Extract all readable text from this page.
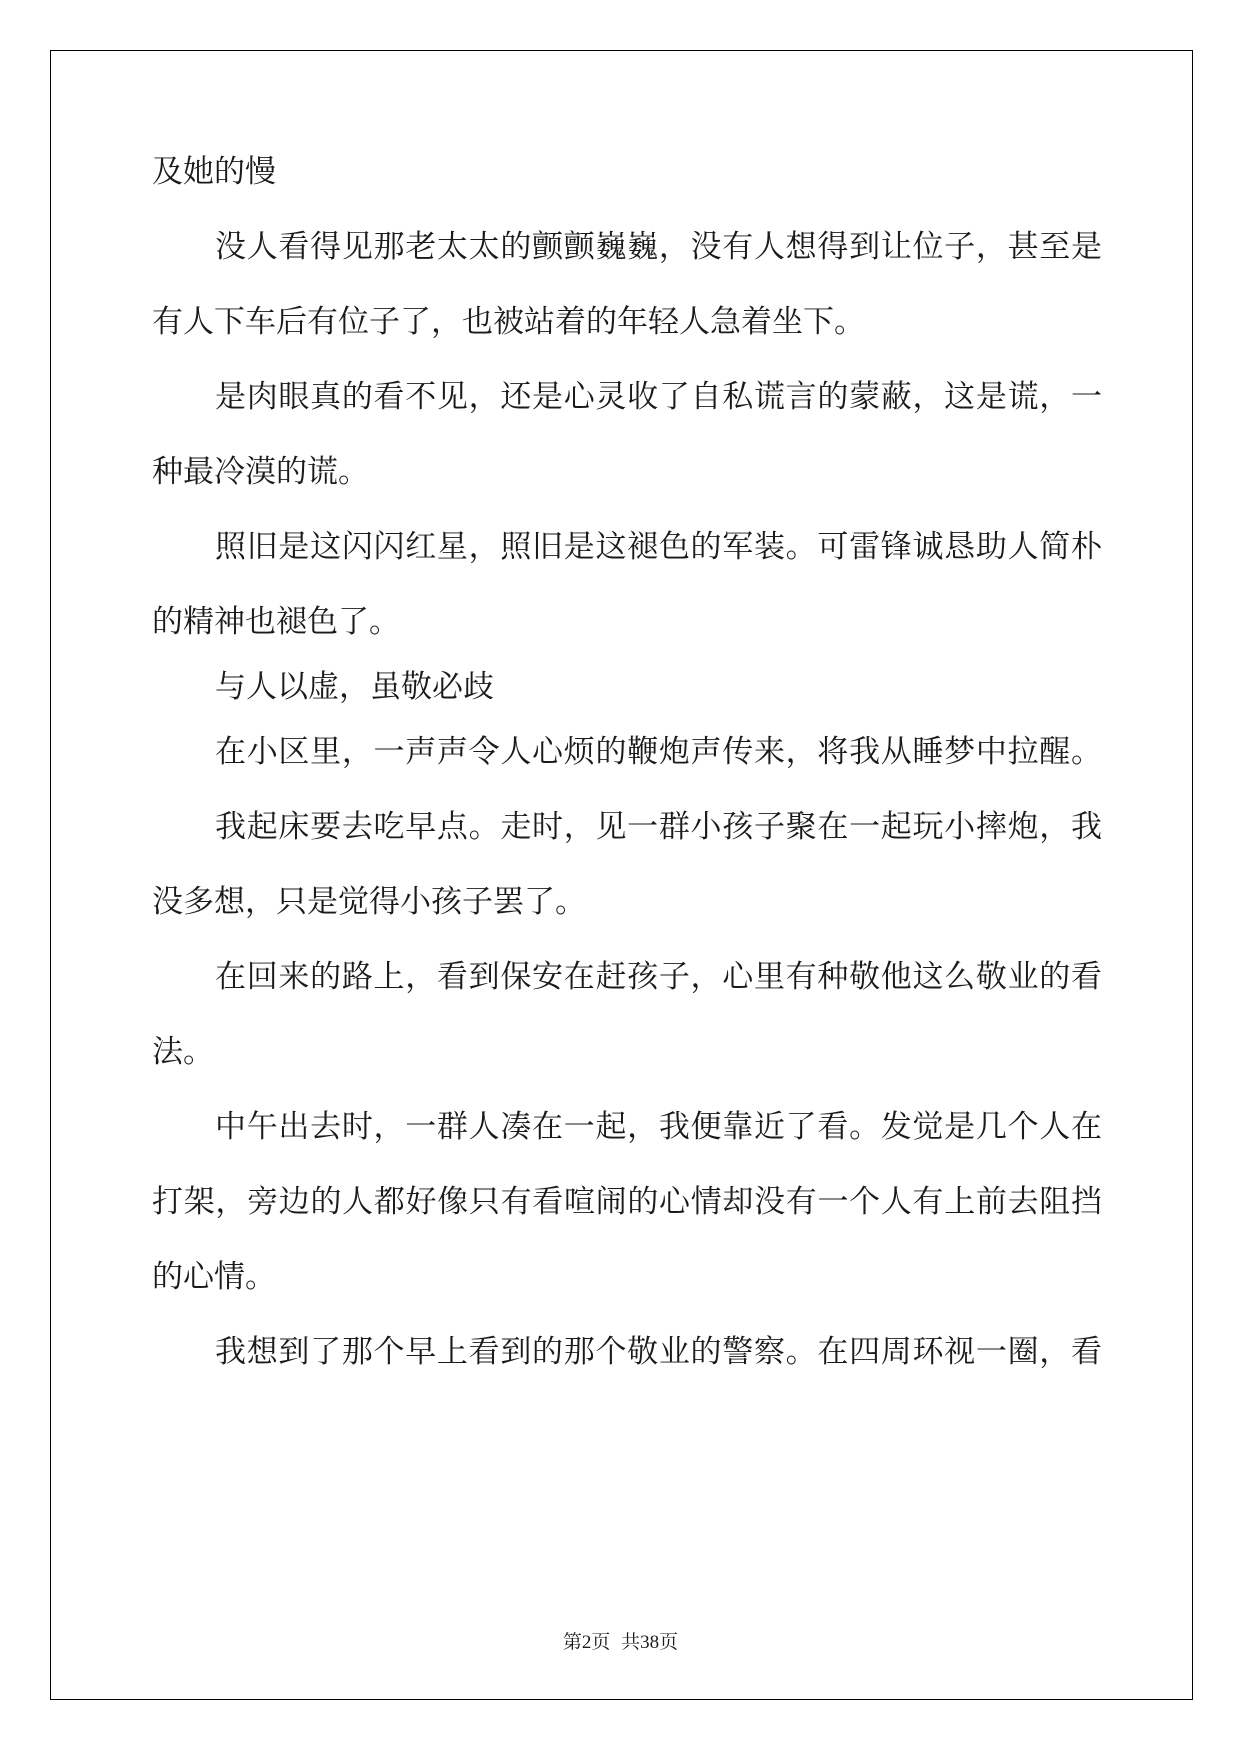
及她的慢
没人看得见那老太太的颤颤巍巍，没有人想得到让位子，甚至是
有人下车后有位子了，也被站着的年轻人急着坐下。
是肉眼真的看不见，还是心灵收了自私谎言的蒙蔽，这是谎，一
种最冷漠的谎。
照旧是这闪闪红星，照旧是这褪色的军装。可雷锋诚恳助人简朴
的精神也褪色了。
与人以虚，虽敬必歧
在小区里，一声声令人心烦的鞭炮声传来，将我从睡梦中拉醒。
我起床要去吃早点。走时，见一群小孩子聚在一起玩小摔炮，我
没多想，只是觉得小孩子罢了。
在回来的路上，看到保安在赶孩子，心里有种敬他这么敬业的看
法。
中午出去时，一群人凑在一起，我便靠近了看。发觉是几个人在
打架，旁边的人都好像只有看喧闹的心情却没有一个人有上前去阻挡
的心情。
我想到了那个早上看到的那个敬业的警察。在四周环视一圈，看
第2页 共38页
